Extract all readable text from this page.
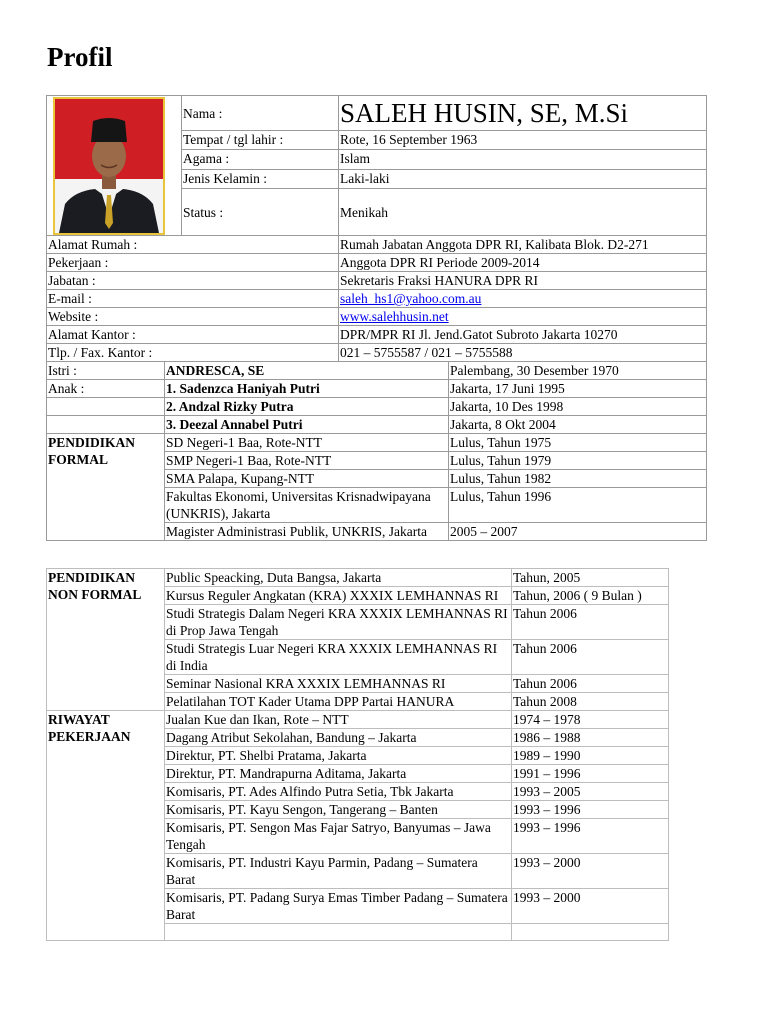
Profil
	Nama :	SALEH HUSIN, SE, M.Si	
		Tempat / tgl lahir :	Rote, 16 September 1963	
		Agama :	Islam	
		Jenis Kelamin :	Laki-laki	
		Status :	Menikah	
Alamat Rumah :			Rumah Jabatan Anggota DPR RI, Kalibata Blok. D2-271	
Pekerjaan :			Anggota DPR RI Periode 2009-2014	
Jabatan :			Sekretaris Fraksi HANURA DPR RI	
E-mail :			saleh_hs1@yahoo.com.au	
Website :			www.salehhusin.net	
Alamat Kantor :			DPR/MPR RI Jl. Jend.Gatot Subroto Jakarta 10270	
Tlp. / Fax. Kantor :			021 – 5755587 / 021 – 5755588	
Istri :	ANDRESCA, SE			Palembang, 30 Desember 1970
Anak :	1. Sadenzca Haniyah Putri			Jakarta, 17 Juni 1995
	2. Andzal Rizky Putra			Jakarta, 10 Des 1998
	3. Deezal Annabel Putri			Jakarta, 8 Okt 2004
PENDIDIKAN
FORMAL	SD Negeri-1 Baa, Rote-NTT			Lulus, Tahun 1975
	SMP Negeri-1 Baa, Rote-NTT			Lulus, Tahun 1979
	SMA Palapa, Kupang-NTT			Lulus, Tahun 1982
	Fakultas Ekonomi, Universitas Krisnadwipayana (UNKRIS), Jakarta			Lulus, Tahun 1996
	Magister Administrasi Publik, UNKRIS, Jakarta			2005 – 2007
PENDIDIKAN
NON FORMAL	Public Speacking, Duta Bangsa, Jakarta	Tahun, 2005
	Kursus Reguler Angkatan (KRA) XXXIX LEMHANNAS RI	Tahun, 2006 ( 9 Bulan )
	Studi Strategis Dalam Negeri KRA XXXIX LEMHANNAS RI di Prop Jawa Tengah	Tahun 2006
	Studi Strategis Luar Negeri KRA XXXIX LEMHANNAS RI di India	Tahun 2006
	Seminar Nasional KRA XXXIX LEMHANNAS RI	Tahun 2006
	Pelatilahan TOT Kader Utama DPP Partai HANURA	Tahun 2008
RIWAYAT
PEKERJAAN	Jualan Kue dan Ikan, Rote – NTT	1974 – 1978
	Dagang Atribut Sekolahan, Bandung – Jakarta	1986 – 1988
	Direktur, PT. Shelbi Pratama, Jakarta	1989 – 1990
	Direktur, PT. Mandrapurna Aditama, Jakarta	1991 – 1996
	Komisaris, PT. Ades Alfindo Putra Setia, Tbk Jakarta	1993 – 2005
	Komisaris, PT. Kayu Sengon, Tangerang – Banten	1993 – 1996
	Komisaris, PT. Sengon Mas Fajar Satryo, Banyumas – Jawa Tengah	1993 – 1996
	Komisaris, PT. Industri Kayu Parmin, Padang – Sumatera Barat	1993 – 2000
	Komisaris, PT. Padang Surya Emas Timber Padang – Sumatera Barat	1993 – 2000
